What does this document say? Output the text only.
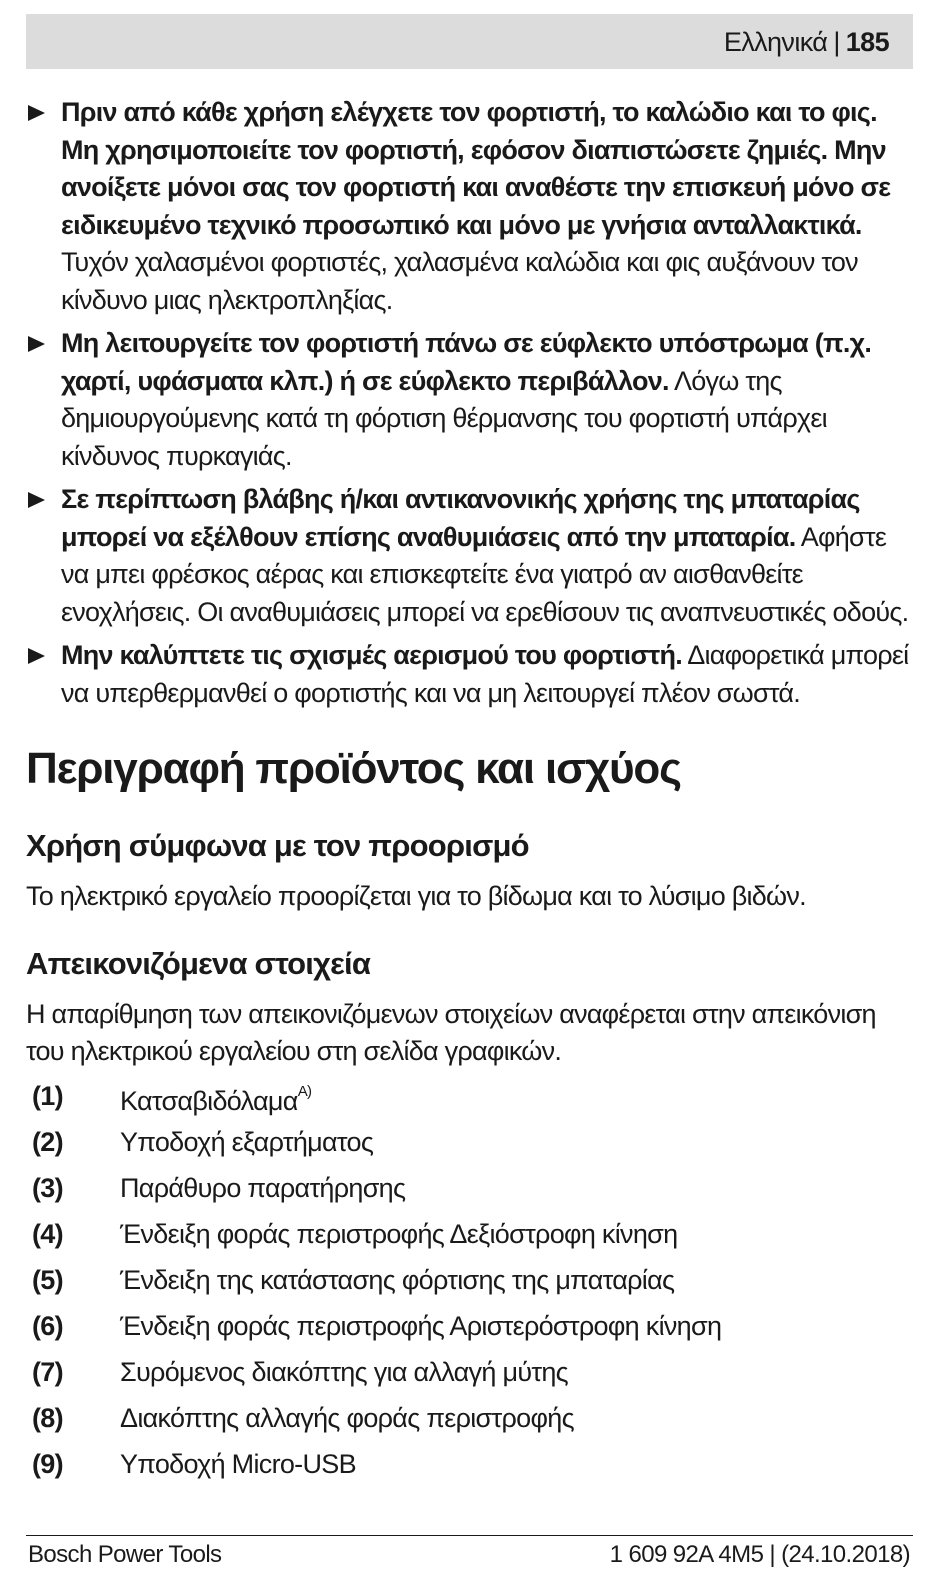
Ελληνικά | 185
Πριν από κάθε χρήση ελέγχετε τον φορτιστή, το καλώδιο και το φις. Μη χρησιμοποιείτε τον φορτιστή, εφόσον διαπιστώσετε ζημιές. Μην ανοίξετε μόνοι σας τον φορτιστή και αναθέστε την επισκευή μόνο σε ειδικευμένο τεχνικό προσωπικό και μόνο με γνήσια ανταλλακτικά. Τυχόν χαλασμένοι φορτιστές, χαλασμένα καλώδια και φις αυξάνουν τον κίνδυνο μιας ηλεκτροπληξίας.
Μη λειτουργείτε τον φορτιστή πάνω σε εύφλεκτο υπόστρωμα (π.χ. χαρτί, υφάσματα κλπ.) ή σε εύφλεκτο περιβάλλον. Λόγω της δημιουργούμενης κατά τη φόρτιση θέρμανσης του φορτιστή υπάρχει κίνδυνος πυρκαγιάς.
Σε περίπτωση βλάβης ή/και αντικανονικής χρήσης της μπαταρίας μπορεί να εξέλθουν επίσης αναθυμιάσεις από την μπαταρία. Αφήστε να μπει φρέσκος αέρας και επισκεφτείτε ένα γιατρό αν αισθανθείτε ενοχλήσεις. Οι αναθυμιάσεις μπορεί να ερεθίσουν τις αναπνευστικές οδούς.
Μην καλύπτετε τις σχισμές αερισμού του φορτιστή. Διαφορετικά μπορεί να υπερθερμανθεί ο φορτιστής και να μη λειτουργεί πλέον σωστά.
Περιγραφή προϊόντος και ισχύος
Χρήση σύμφωνα με τον προορισμό

Το ηλεκτρικό εργαλείο προορίζεται για το βίδωμα και το λύσιμο βιδών.

Απεικονιζόμενα στοιχεία

Η απαρίθμηση των απεικονιζόμενων στοιχείων αναφέρεται στην απεικόνιση του ηλεκτρικού εργαλείου στη σελίδα γραφικών.

(1) Κατσαβιδόλαμα$^{A)}$
(2) Υποδοχή εξαρτήματος
(3) Παράθυρο παρατήρησης
(4) Ένδειξη φοράς περιστροφής Δεξιόστροφη κίνηση
(5) Ένδειξη της κατάστασης φόρτισης της μπαταρίας
(6) Ένδειξη φοράς περιστροφής Αριστερόστροφη κίνηση
(7) Συρόμενος διακόπτης για αλλαγή μύτης
(8) Διακόπτης αλλαγής φοράς περιστροφής
(9) Υποδοχή Micro-USB
Bosch Power Tools	1 609 92A 4M5 | (24.10.2018)
